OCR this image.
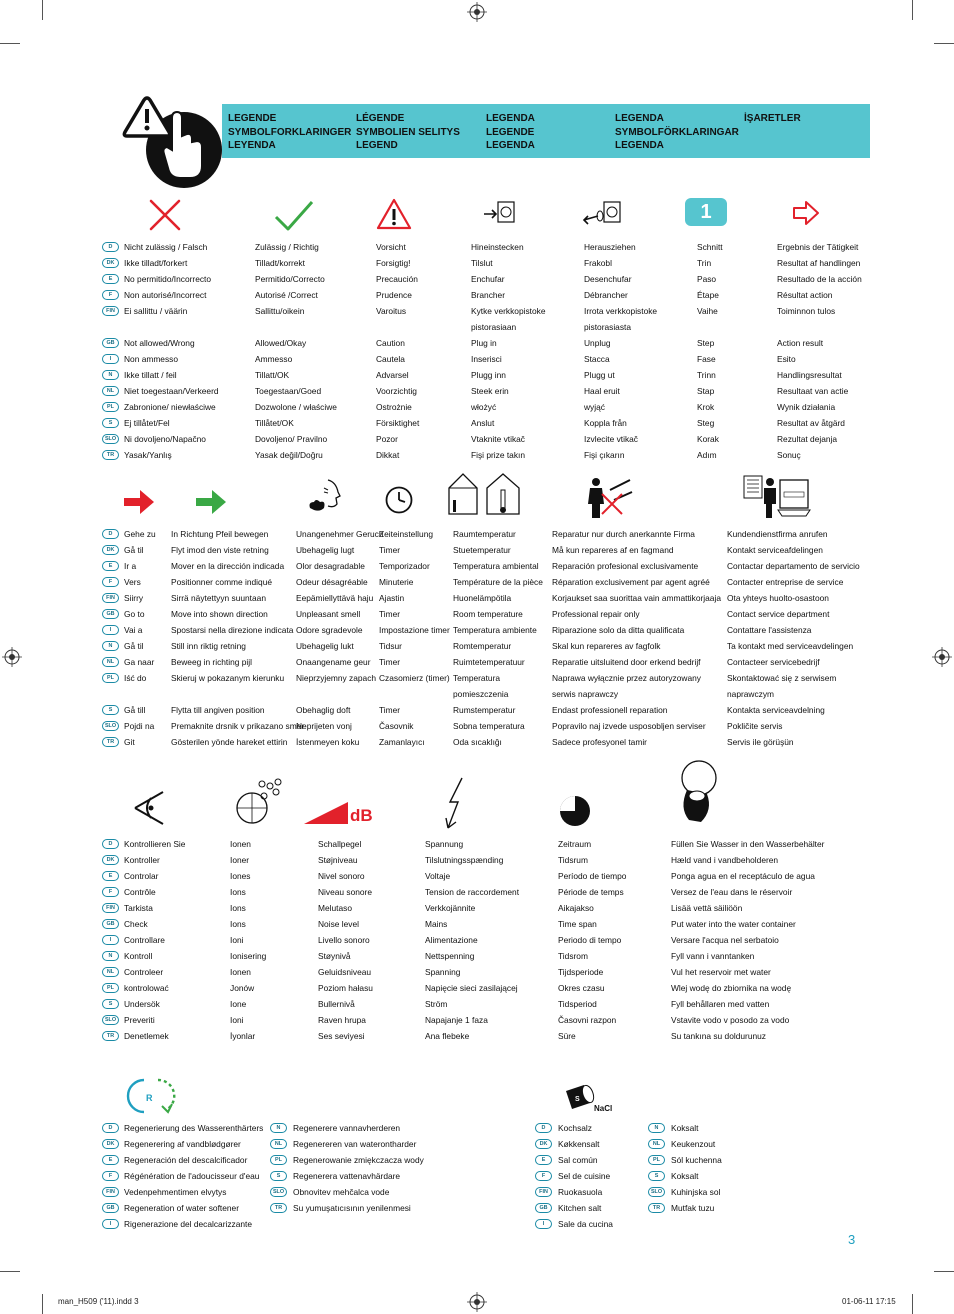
LEGENDE
SYMBOLFORKLARINGER
LEYENDA
LÉGENDE
SYMBOLIEN SELITYS
LEGEND
LEGENDA
LEGENDE
LEGENDA
LEGENDA
SYMBOLFÖRKLARINGAR
LEGENDA
İŞARETLER
1
D
DK
E
F
FIN
GB
I
N
NL
PL
S
SLO
TR
Nicht zulässig / Falsch
Ikke tilladt/forkert
No permitido/Incorrecto
Non autorisé/Incorrect
Ei sallittu / väärin
Not allowed/Wrong
Non ammesso
Ikke tillatt / feil
Niet toegestaan/Verkeerd
Zabronione/ niewłaściwe
Ej tillåtet/Fel
Ni dovoljeno/Napačno
Yasak/Yanlış
Zulässig / Richtig
Tilladt/korrekt
Permitido/Correcto
Autorisé /Correct
Sallittu/oikein
Allowed/Okay
Ammesso
Tillatt/OK
Toegestaan/Goed
Dozwolone / właściwe
Tillåtet/OK
Dovoljeno/ Pravilno
Yasak değil/Doğru
Vorsicht
Forsigtig!
Precaución
Prudence
Varoitus
Caution
Cautela
Advarsel
Voorzichtig
Ostrożnie
Försiktighet
Pozor
Dikkat
Hineinstecken
Tilslut
Enchufar
Brancher
Kytke verkkopistoke
pistorasiaan
Plug in
Inserisci
Plugg inn
Steek erin
włożyć
Anslut
Vtaknite vtikač
Fişi prize takın
Herausziehen
Frakobl
Desenchufar
Débrancher
Irrota verkkopistoke
pistorasiasta
Unplug
Stacca
Plugg ut
Haal eruit
wyjąć
Koppla från
Izvlecite vtikač
Fişi çıkarın
Schnitt
Trin
Paso
Étape
Vaihe
Step
Fase
Trinn
Stap
Krok
Steg
Korak
Adım
Ergebnis der Tätigkeit
Resultat af handlingen
Resultado de la acción
Résultat action
Toiminnon tulos
Action result
Esito
Handlingsresultat
Resultaat van actie
Wynik działania
Resultat av åtgärd
Rezultat dejanja
Sonuç
D
DK
E
F
FIN
GB
I
N
NL
PL
S
SLO
TR
Gehe zu
Gå til
Ir a
Vers
Siirry
Go to
Vai a
Gå til
Ga naar
Iść do
Gå till
Pojdi na
Git
In Richtung Pfeil bewegen
Flyt imod den viste retning
Mover en la dirección indicada
Positionner comme indiqué
Sirrä näytettyyn suuntaan
Move into shown direction
Spostarsi nella direzione indicata
Still inn riktig retning
Beweeg in richting pijl
Skieruj w pokazanym kierunku
Flytta till angiven position
Premaknite drsnik v prikazano smer
Gösterilen yönde hareket ettirin
Unangenehmer Geruch
Ubehagelig lugt
Olor desagradable
Odeur désagréable
Eepämiellyttävä haju
Unpleasant smell
Odore sgradevole
Ubehagelig lukt
Onaangename geur
Nieprzyjemny zapach
Obehaglig doft
Neprijeten vonj
İstenmeyen koku
Zeiteinstellung
Timer
Temporizador
Minuterie
Ajastin
Timer
Impostazione timer
Tidsur
Timer
Czasomierz (timer)
Timer
Časovnik
Zamanlayıcı
Raumtemperatur
Stuetemperatur
Temperatura ambiental
Température de la pièce
Huonelämpötila
Room temperature
Temperatura ambiente
Romtemperatur
Ruimtetemperatuur
Temperatura
pomieszczenia
Rumstemperatur
Sobna temperatura
Oda sıcaklığı
Reparatur nur durch anerkannte Firma
Må kun repareres af en fagmand
Reparación profesional exclusivamente
Réparation exclusivement par agent agréé
Korjaukset saa suorittaa vain ammattikorjaaja
Professional repair only
Riparazione solo da ditta qualificata
Skal kun repareres av fagfolk
Reparatie uitsluitend door erkend bedrijf
Naprawa wyłącznie przez autoryzowany
serwis naprawczy
Endast professionell reparation
Popravilo naj izvede usposobljen serviser
Sadece profesyonel tamir
Kundendienstfirma anrufen
Kontakt serviceafdelingen
Contactar departamento de servicio
Contacter entreprise de service
Ota yhteys huolto-osastoon
Contact service department
Contattare l'assistenza
Ta kontakt med serviceavdelingen
Contacteer servicebedrijf
Skontaktować się z serwisem
naprawczym
Kontakta serviceavdelning
Pokličite servis
Servis ile görüşün
dB
D
DK
E
F
FIN
GB
I
N
NL
PL
S
SLO
TR
Kontrollieren Sie
Kontroller
Controlar
Contrôle
Tarkista
Check
Controllare
Kontroll
Controleer
kontrolować
Undersök
Preveriti
Denetlemek
Ionen
Ioner
Iones
Ions
Ions
Ions
Ioni
Ionisering
Ionen
Jonów
Ione
Ioni
İyonlar
Schallpegel
Støjniveau
Nivel sonoro
Niveau sonore
Melutaso
Noise level
Livello sonoro
Støynivå
Geluidsniveau
Poziom hałasu
Bullernivå
Raven hrupa
Ses seviyesi
Spannung
Tilslutningsspænding
Voltaje
Tension de raccordement
Verkkojännite
Mains
Alimentazione
Nettspenning
Spanning
Napięcie sieci zasilającej
Ström
Napajanje 1 faza
Ana flebeke
Zeitraum
Tidsrum
Período de tiempo
Période de temps
Aikajakso
Time span
Periodo di tempo
Tidsrom
Tijdsperiode
Okres czasu
Tidsperiod
Časovni razpon
Süre
Füllen Sie Wasser in den Wasserbehälter
Hæld vand i vandbeholderen
Ponga agua en el receptáculo de agua
Versez de l'eau dans le réservoir
Lisää vettä säiliöön
Put water into the water container
Versare l'acqua nel serbatoio
Fyll vann i vanntanken
Vul het reservoir met water
Wlej wodę do zbiornika na wodę
Fyll behållaren med vatten
Vstavite vodo v posodo za vodo
Su tankına su doldurunuz
R	S
NaCl
D
DK
E
F
FIN
GB
I
Regenerierung des Wasserenthärters
Regenerering af vandblødgører
Regeneración del descalcificador
Régénération de l'adoucisseur d'eau
Vedenpehmentimen elvytys
Regeneration of water softener
Rigenerazione del decalcarizzante
N
NL
PL
S
SLO
TR
Regenerere vannavherderen
Regenereren van waterontharder
Regenerowanie zmiękczacza wody
Regenerera vattenavhärdare
Obnovitev mehčalca vode
Su yumuşatıcısının yenilenmesi
D
DK
E
F
FIN
GB
I
Kochsalz
Køkkensalt
Sal común
Sel de cuisine
Ruokasuola
Kitchen salt
Sale da cucina
N
NL
PL
S
SLO
TR
Koksalt
Keukenzout
Sól kuchenna
Koksalt
Kuhinjska sol
Mutfak tuzu
3
man_H509 ('11).indd 3	01-06-11 17:15
